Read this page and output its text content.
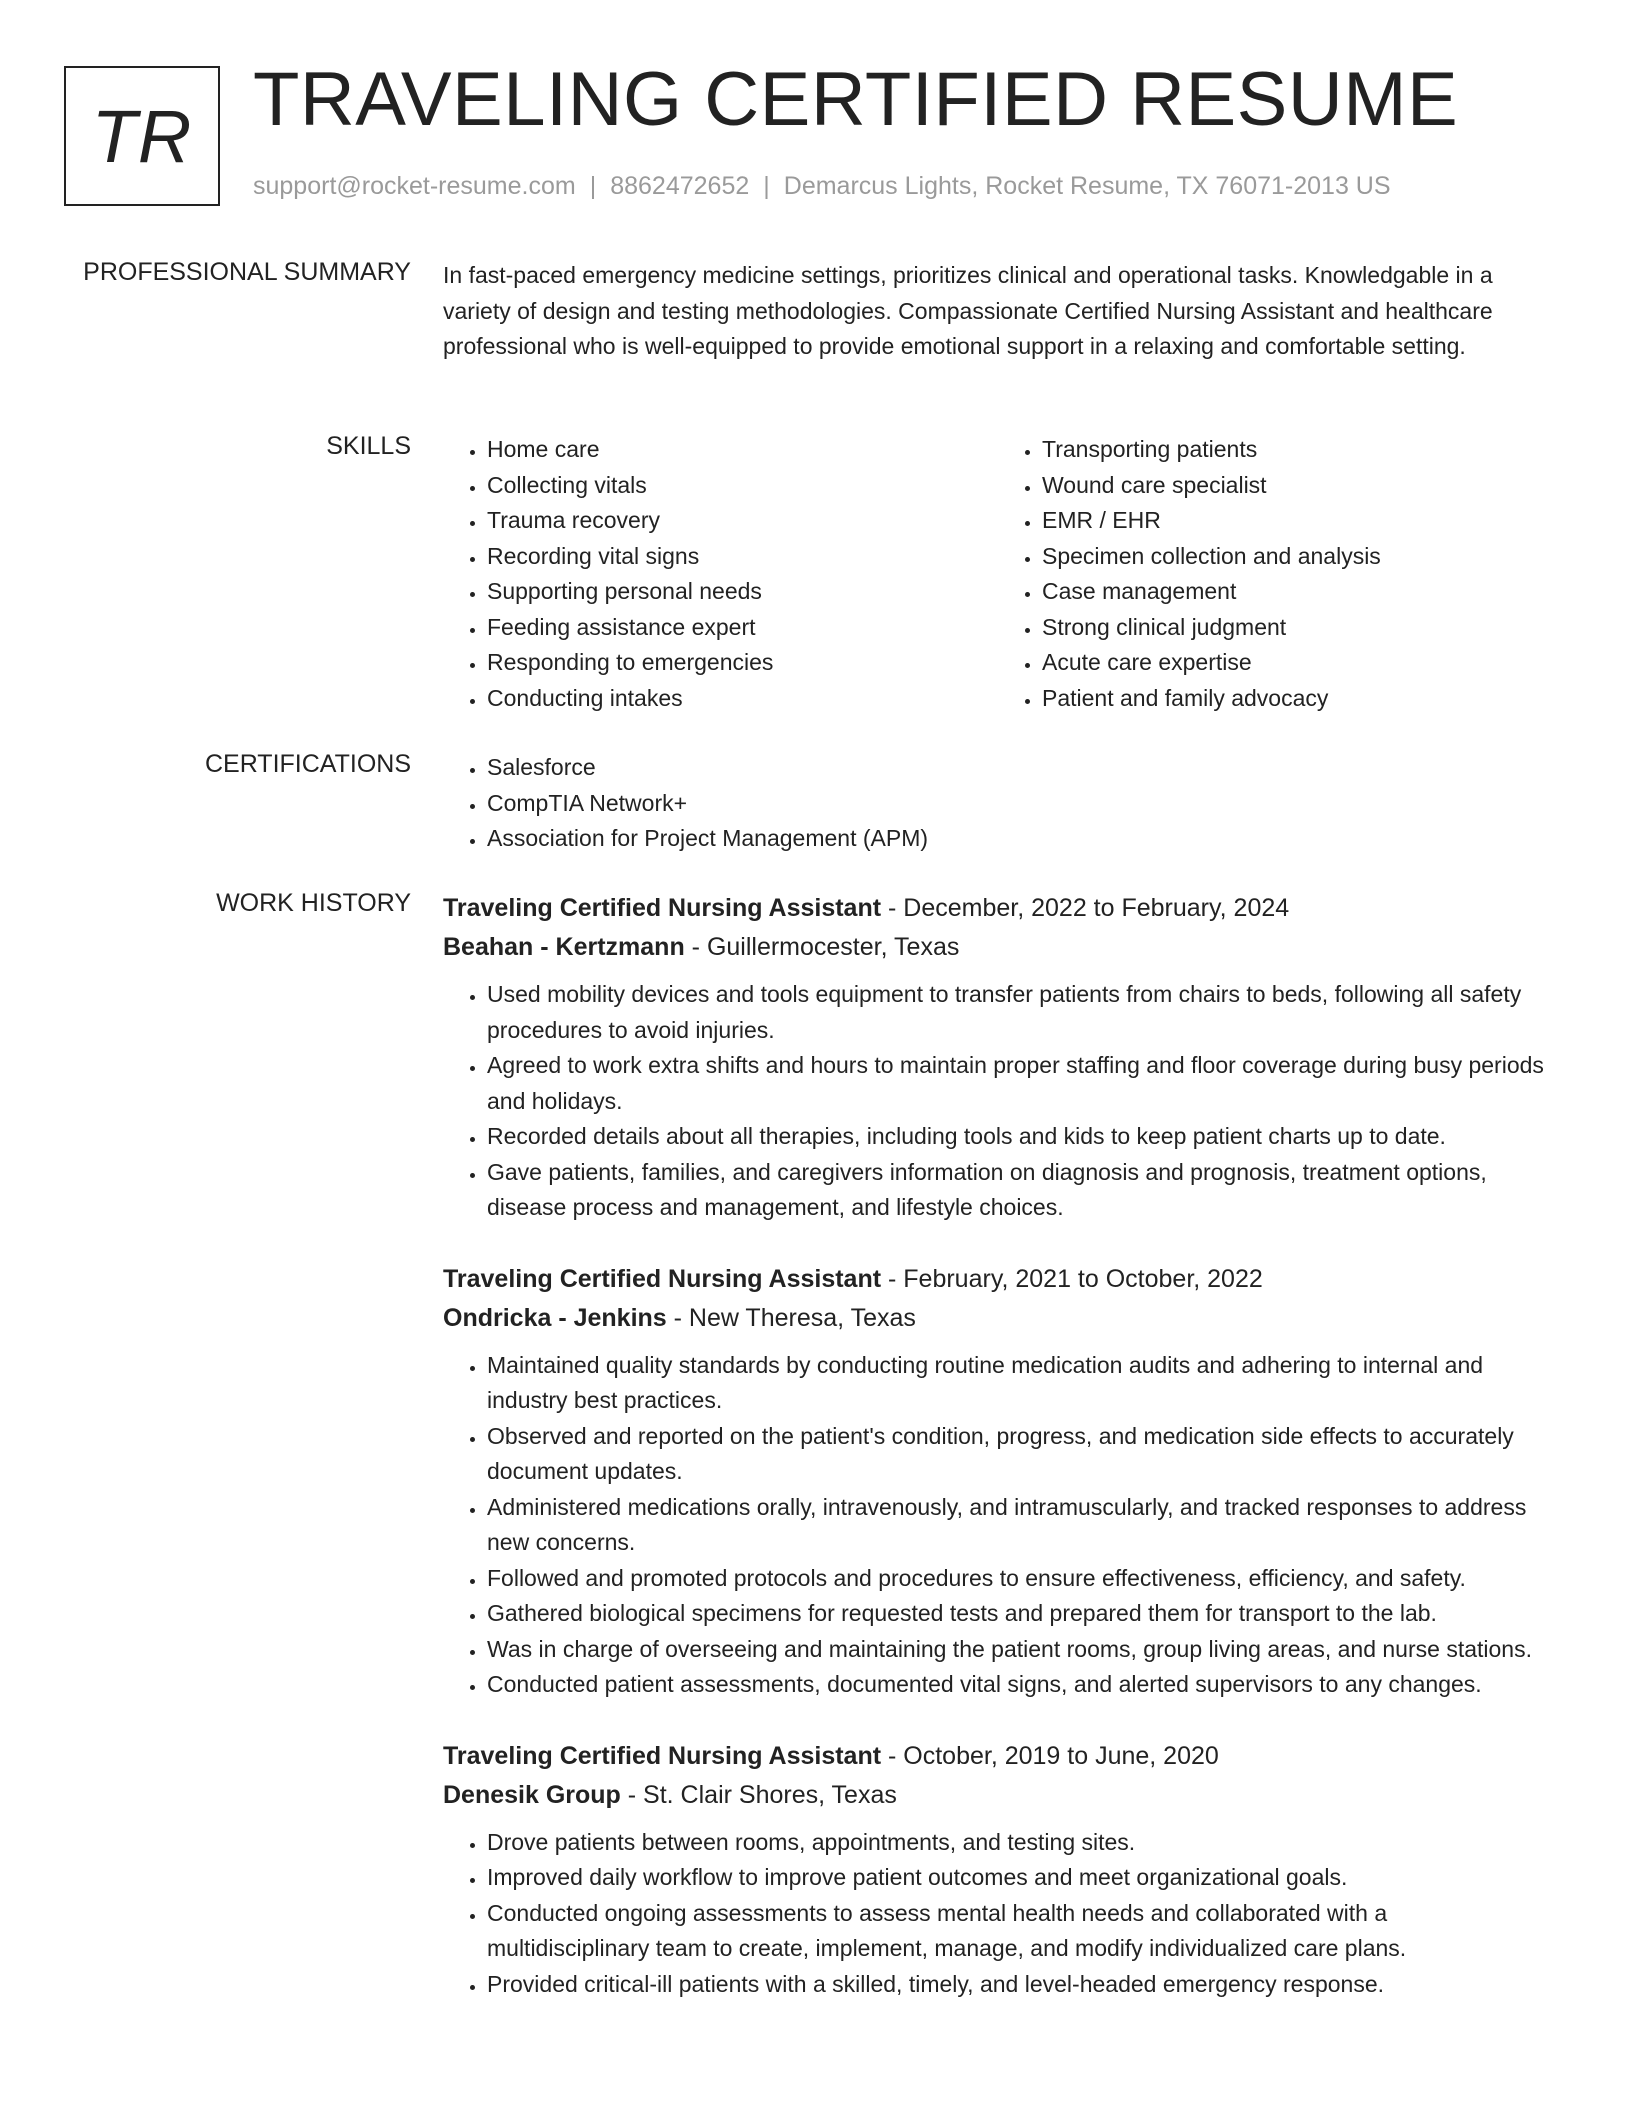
TR TRAVELING CERTIFIED RESUME
support@rocket-resume.com | 8862472652 | Demarcus Lights, Rocket Resume, TX 76071-2013 US
PROFESSIONAL SUMMARY In fast-paced emergency medicine settings, prioritizes clinical and operational tasks. Knowledgable in a variety of design and testing methodologies. Compassionate Certified Nursing Assistant and healthcare professional who is well-equipped to provide emotional support in a relaxing and comfortable setting.
SKILLS	• Home care
• Collecting vitals
• Trauma recovery
• Recording vital signs
• Supporting personal needs
• Feeding assistance expert
• Responding to emergencies
• Conducting intakes
• Transporting patients
• Wound care specialist
• EMR / EHR
• Specimen collection and analysis
• Case management
• Strong clinical judgment
• Acute care expertise
• Patient and family advocacy
CERTIFICATIONS	• Salesforce
• CompTIA Network+
• Association for Project Management (APM)
WORK HISTORY Traveling Certified Nursing Assistant - December, 2022 to February, 2024
Beahan - Kertzmann - Guillermocester, Texas
• Used mobility devices and tools equipment to transfer patients from chairs to beds, following all safety procedures to avoid injuries.
• Agreed to work extra shifts and hours to maintain proper staffing and floor coverage during busy periods and holidays.
• Recorded details about all therapies, including tools and kids to keep patient charts up to date.
• Gave patients, families, and caregivers information on diagnosis and prognosis, treatment options, disease process and management, and lifestyle choices.
Traveling Certified Nursing Assistant - February, 2021 to October, 2022
Ondricka - Jenkins - New Theresa, Texas
• Maintained quality standards by conducting routine medication audits and adhering to internal and industry best practices.
• Observed and reported on the patient's condition, progress, and medication side effects to accurately document updates.
• Administered medications orally, intravenously, and intramuscularly, and tracked responses to address new concerns.
• Followed and promoted protocols and procedures to ensure effectiveness, efficiency, and safety.
• Gathered biological specimens for requested tests and prepared them for transport to the lab.
• Was in charge of overseeing and maintaining the patient rooms, group living areas, and nurse stations.
• Conducted patient assessments, documented vital signs, and alerted supervisors to any changes.
Traveling Certified Nursing Assistant - October, 2019 to June, 2020
Denesik Group - St. Clair Shores, Texas
• Drove patients between rooms, appointments, and testing sites.
• Improved daily workflow to improve patient outcomes and meet organizational goals.
• Conducted ongoing assessments to assess mental health needs and collaborated with a multidisciplinary team to create, implement, manage, and modify individualized care plans.
• Provided critical-ill patients with a skilled, timely, and level-headed emergency response.
